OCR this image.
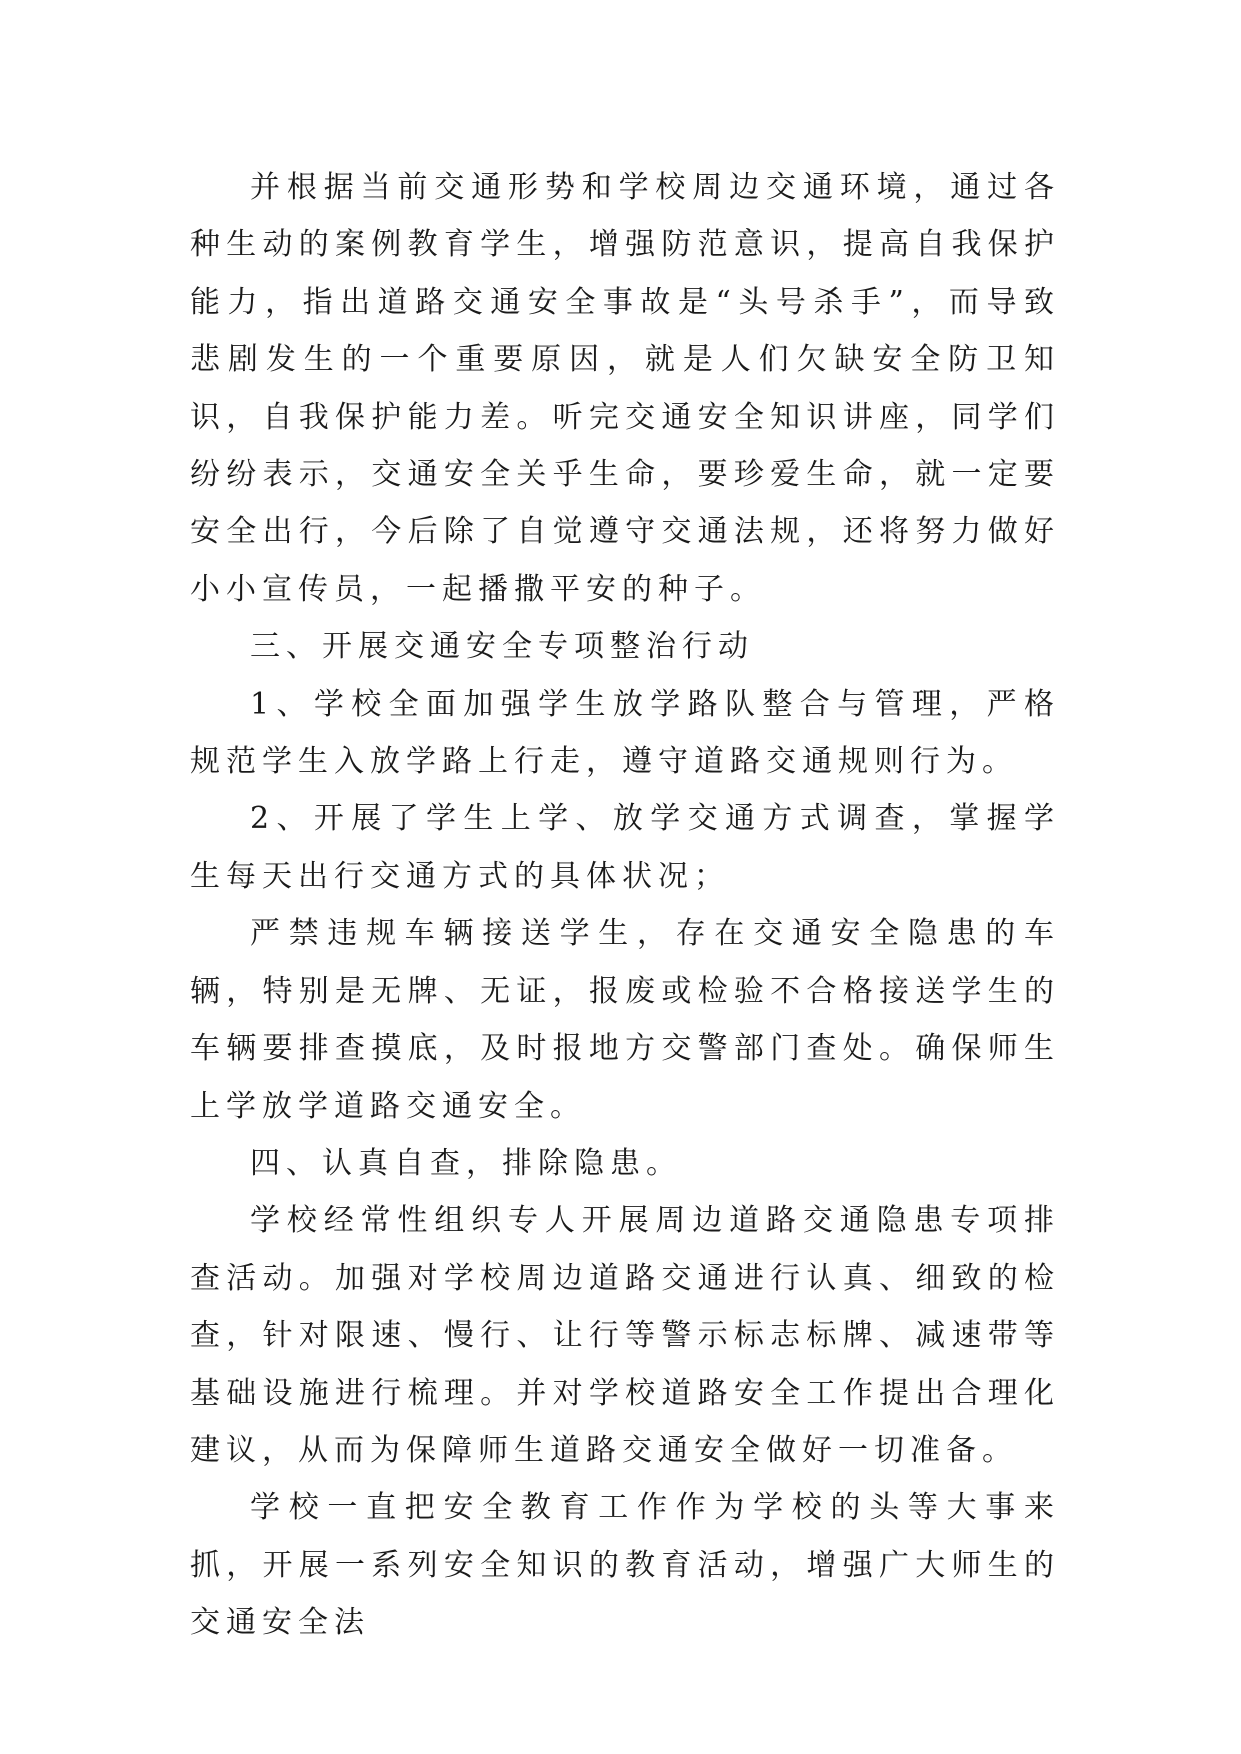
并根据当前交通形势和学校周边交通环境，通过各种生动的案例教育学生，增强防范意识，提高自我保护能力，指出道路交通安全事故是“头号杀手”，而导致悲剧发生的一个重要原因，就是人们欠缺安全防卫知识，自我保护能力差。听完交通安全知识讲座，同学们纷纷表示，交通安全关乎生命，要珍爱生命，就一定要安全出行，今后除了自觉遵守交通法规，还将努力做好小小宣传员，一起播撒平安的种子。

三、开展交通安全专项整治行动

1、学校全面加强学生放学路队整合与管理，严格规范学生入放学路上行走，遵守道路交通规则行为。

2、开展了学生上学、放学交通方式调查，掌握学生每天出行交通方式的具体状况；

严禁违规车辆接送学生，存在交通安全隐患的车辆，特别是无牌、无证，报废或检验不合格接送学生的车辆要排查摸底，及时报地方交警部门查处。确保师生上学放学道路交通安全。

四、认真自查，排除隐患。

学校经常性组织专人开展周边道路交通隐患专项排查活动。加强对学校周边道路交通进行认真、细致的检查，针对限速、慢行、让行等警示标志标牌、减速带等基础设施进行梳理。并对学校道路安全工作提出合理化建议，从而为保障师生道路交通安全做好一切准备。

学校一直把安全教育工作作为学校的头等大事来抓，开展一系列安全知识的教育活动，增强广大师生的交通安全法
